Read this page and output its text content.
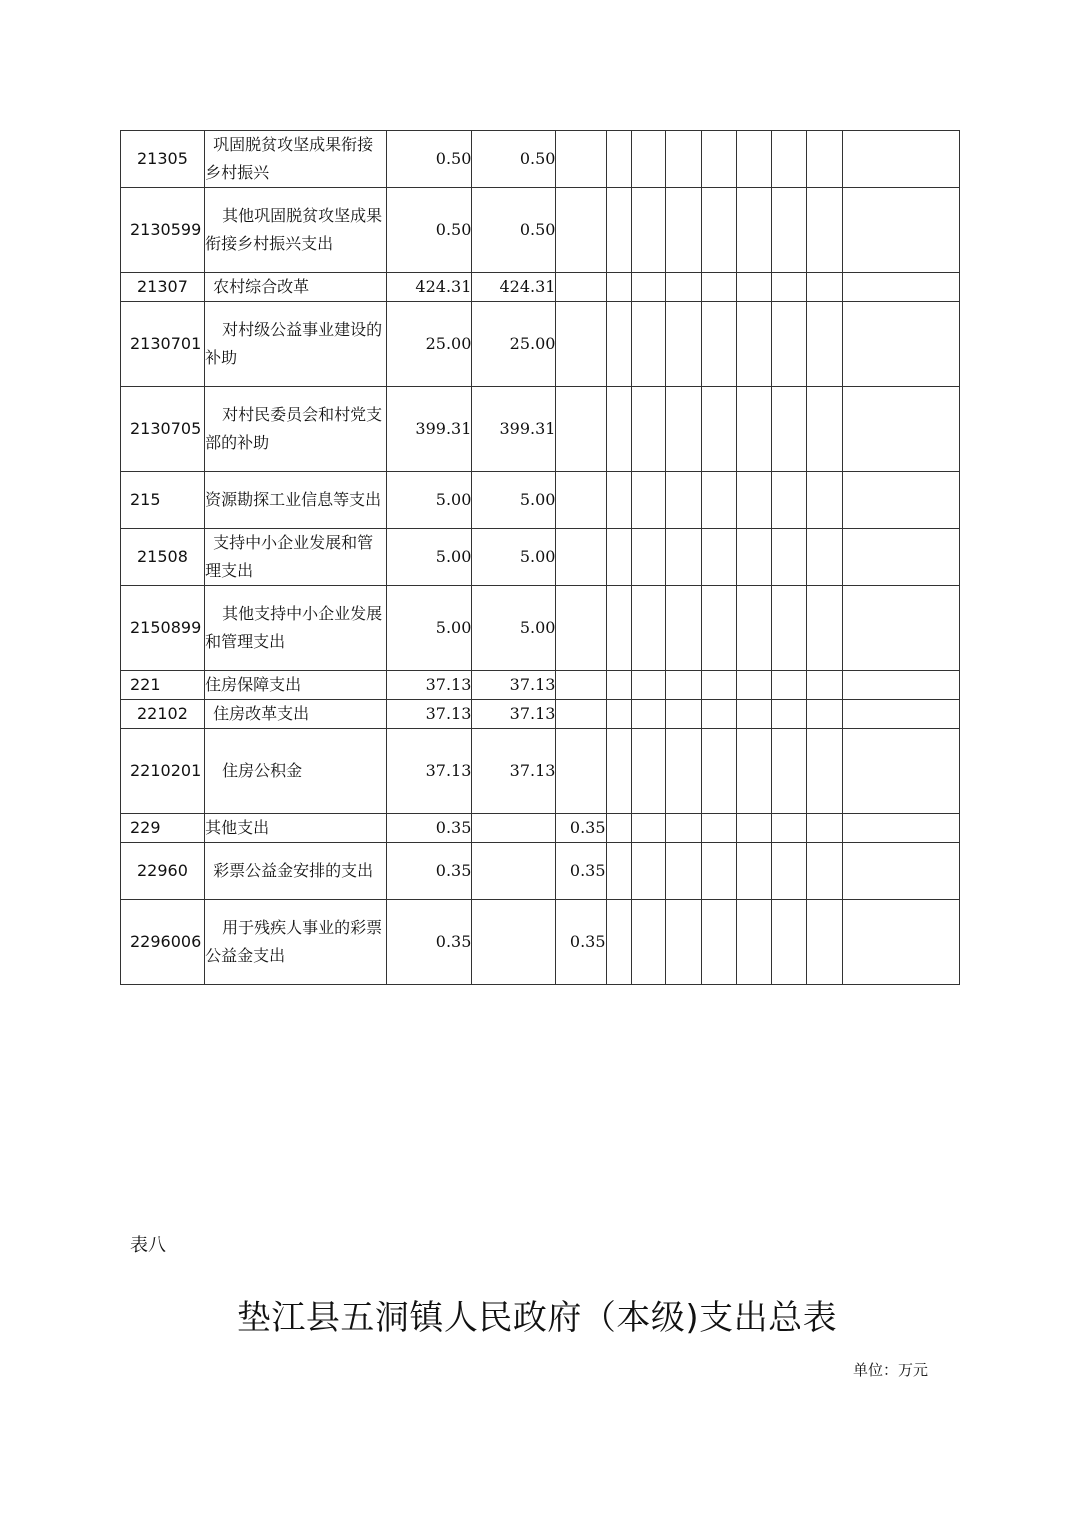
21305	巩固脱贫攻坚成果衔接乡村振兴	0.50	0.50									
2130599	其他巩固脱贫攻坚成果衔接乡村振兴支出	0.50	0.50									
21307	农村综合改革	424.31	424.31									
2130701	对村级公益事业建设的补助	25.00	25.00									
2130705	对村民委员会和村党支部的补助	399.31	399.31									
215	资源勘探工业信息等支出	5.00	5.00									
21508	支持中小企业发展和管理支出	5.00	5.00									
2150899	其他支持中小企业发展和管理支出	5.00	5.00									
221	住房保障支出	37.13	37.13									
22102	住房改革支出	37.13	37.13									
2210201	住房公积金	37.13	37.13									
229	其他支出	0.35		0.35								
22960	彩票公益金安排的支出	0.35		0.35								
2296006	用于残疾人事业的彩票公益金支出	0.35		0.35								
表八
垫江县五洞镇人民政府（本级)支出总表
单位：万元
